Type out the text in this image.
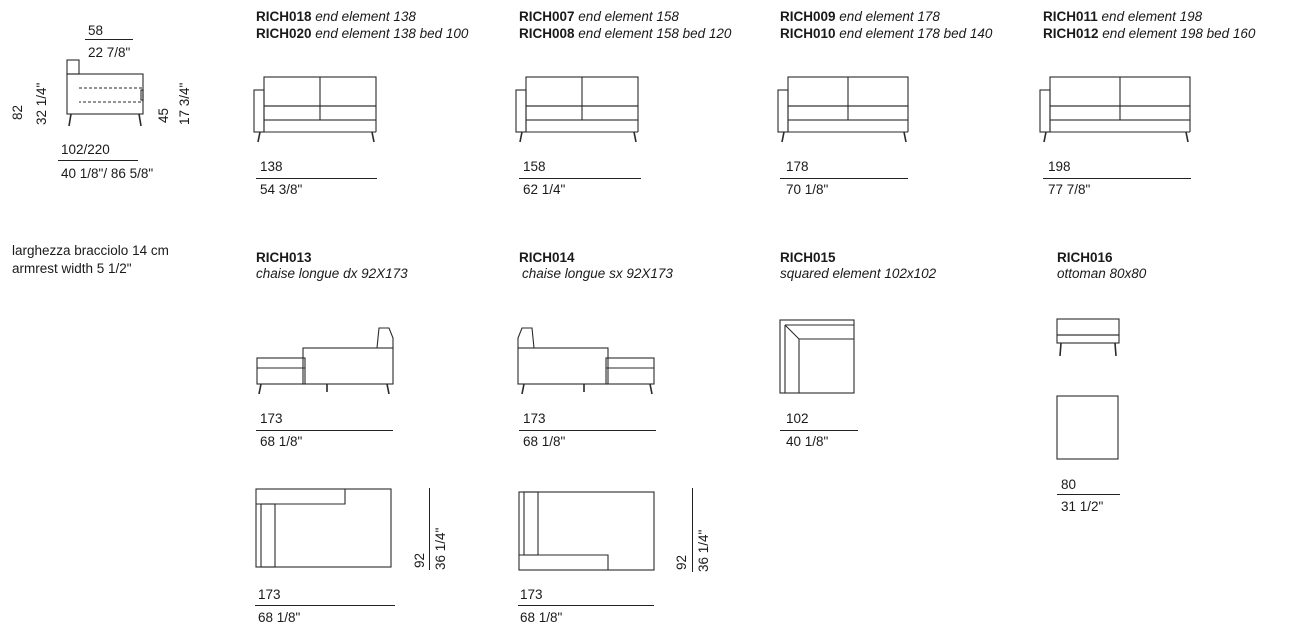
58
22 7/8"
82 32 1/4"	45 17 3/4"
102/220
40 1/8"/ 86 5/8"
larghezza bracciolo 14 cm
armrest width 5 1/2"
RICH018 end element 138
RICH020 end element 138 bed 100
138
54 3/8"
RICH007 end element 158
RICH008 end element 158 bed 120
158
62 1/4"
RICH009 end element 178
RICH010 end element 178 bed 140
178
70 1/8"
RICH011 end element 198
RICH012 end element 198 bed 160
198
77 7/8"
RICH013
chaise longue dx 92X173
173
68 1/8"
92 36 1/4"
173
68 1/8"
RICH014
chaise longue sx 92X173
173
68 1/8"
92 36 1/4"
173
68 1/8"
RICH015
squared element 102x102
102
40 1/8"
RICH016
ottoman 80x80
80
31 1/2"
